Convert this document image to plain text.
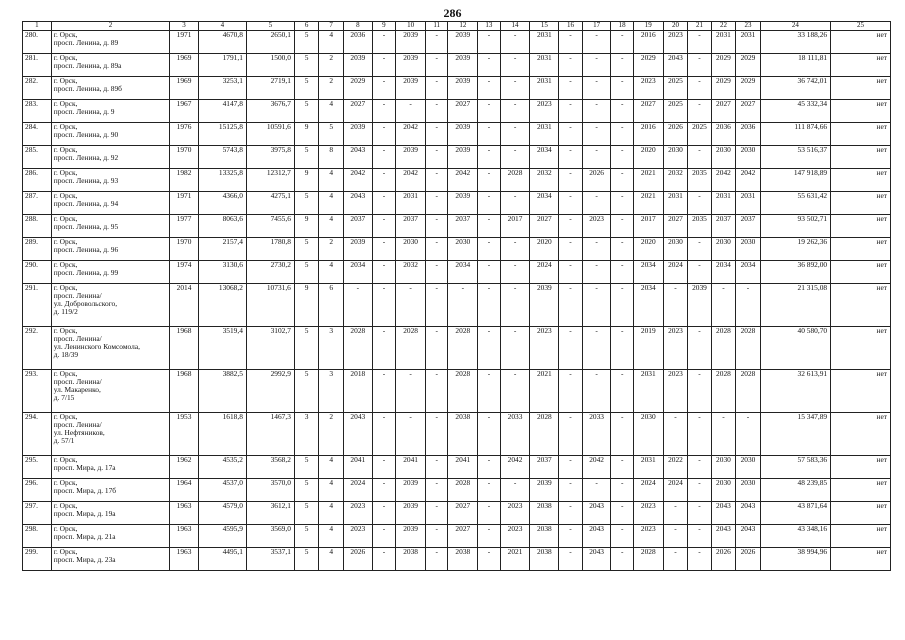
286
1	2	3	4	5	6	7	8	9	10	11	12	13	14	15	16	17	18	19	20	21	22	23	24	25
280.	г. Орск,
просп. Ленина, д. 89	1971	4670,8	2650,1	5	4	2036	-	2039	-	2039	-	-	2031	-	-	-	2016	2023	-	2031	2031	33 188,26	нет
281.	г. Орск,
просп. Ленина, д. 89а	1969	1791,1	1500,0	5	2	2039	-	2039	-	2039	-	-	2031	-	-	-	2029	2043	-	2029	2029	18 111,81	нет
282.	г. Орск,
просп. Ленина, д. 89б	1969	3253,1	2719,1	5	2	2029	-	2039	-	2039	-	-	2031	-	-	-	2023	2025	-	2029	2029	36 742,01	нет
283.	г. Орск,
просп. Ленина, д. 9	1967	4147,8	3676,7	5	4	2027	-	-	-	2027	-	-	2023	-	-	-	2027	2025	-	2027	2027	45 332,34	нет
284.	г. Орск,
просп. Ленина, д. 90	1976	15125,8	10591,6	9	5	2039	-	2042	-	2039	-	-	2031	-	-	-	2016	2026	2025	2036	2036	111 874,66	нет
285.	г. Орск,
просп. Ленина, д. 92	1970	5743,8	3975,8	5	8	2043	-	2039	-	2039	-	-	2034	-	-	-	2020	2030	-	2030	2030	53 516,37	нет
286.	г. Орск,
просп. Ленина, д. 93	1982	13325,8	12312,7	9	4	2042	-	2042	-	2042	-	2028	2032	-	2026	-	2021	2032	2035	2042	2042	147 918,89	нет
287.	г. Орск,
просп. Ленина, д. 94	1971	4366,0	4275,1	5	4	2043	-	2031	-	2039	-	-	2034	-	-	-	2021	2031	-	2031	2031	55 631,42	нет
288.	г. Орск,
просп. Ленина, д. 95	1977	8063,6	7455,6	9	4	2037	-	2037	-	2037	-	2017	2027	-	2023	-	2017	2027	2035	2037	2037	93 502,71	нет
289.	г. Орск,
просп. Ленина, д. 96	1970	2157,4	1780,8	5	2	2039	-	2030	-	2030	-	-	2020	-	-	-	2020	2030	-	2030	2030	19 262,36	нет
290.	г. Орск,
просп. Ленина, д. 99	1974	3130,6	2730,2	5	4	2034	-	2032	-	2034	-	-	2024	-	-	-	2034	2024	-	2034	2034	36 892,00	нет
291.	г. Орск,
просп. Ленина/
ул. Добровольского,
д. 119/2	2014	13068,2	10731,6	9	6	-	-	-	-	-	-	-	2039	-	-	-	2034	-	2039	-	-	21 315,08	нет
292.	г. Орск,
просп. Ленина/
ул. Ленинского Комсомола,
д. 18/39	1968	3519,4	3102,7	5	3	2028	-	2028	-	2028	-	-	2023	-	-	-	2019	2023	-	2028	2028	40 580,70	нет
293.	г. Орск,
просп. Ленина/
ул. Макаренко,
д. 7/15	1968	3882,5	2992,9	5	3	2018	-	-	-	2028	-	-	2021	-	-	-	2031	2023	-	2028	2028	32 613,91	нет
294.	г. Орск,
просп. Ленина/
ул. Нефтяников,
д. 57/1	1953	1618,8	1467,3	3	2	2043	-	-	-	2038	-	2033	2028	-	2033	-	2030	-	-	-	-	15 347,89	нет
295.	г. Орск,
просп. Мира, д. 17а	1962	4535,2	3568,2	5	4	2041	-	2041	-	2041	-	2042	2037	-	2042	-	2031	2022	-	2030	2030	57 583,36	нет
296.	г. Орск,
просп. Мира, д. 17б	1964	4537,0	3570,0	5	4	2024	-	2039	-	2028	-	-	2039	-	-	-	2024	2024	-	2030	2030	48 239,85	нет
297.	г. Орск,
просп. Мира, д. 19а	1963	4579,0	3612,1	5	4	2023	-	2039	-	2027	-	2023	2038	-	2043	-	2023	-	-	2043	2043	43 871,64	нет
298.	г. Орск,
просп. Мира, д. 21а	1963	4595,9	3569,0	5	4	2023	-	2039	-	2027	-	2023	2038	-	2043	-	2023	-	-	2043	2043	43 348,16	нет
299.	г. Орск,
просп. Мира, д. 23а	1963	4495,1	3537,1	5	4	2026	-	2038	-	2038	-	2021	2038	-	2043	-	2028	-	-	2026	2026	38 994,96	нет
